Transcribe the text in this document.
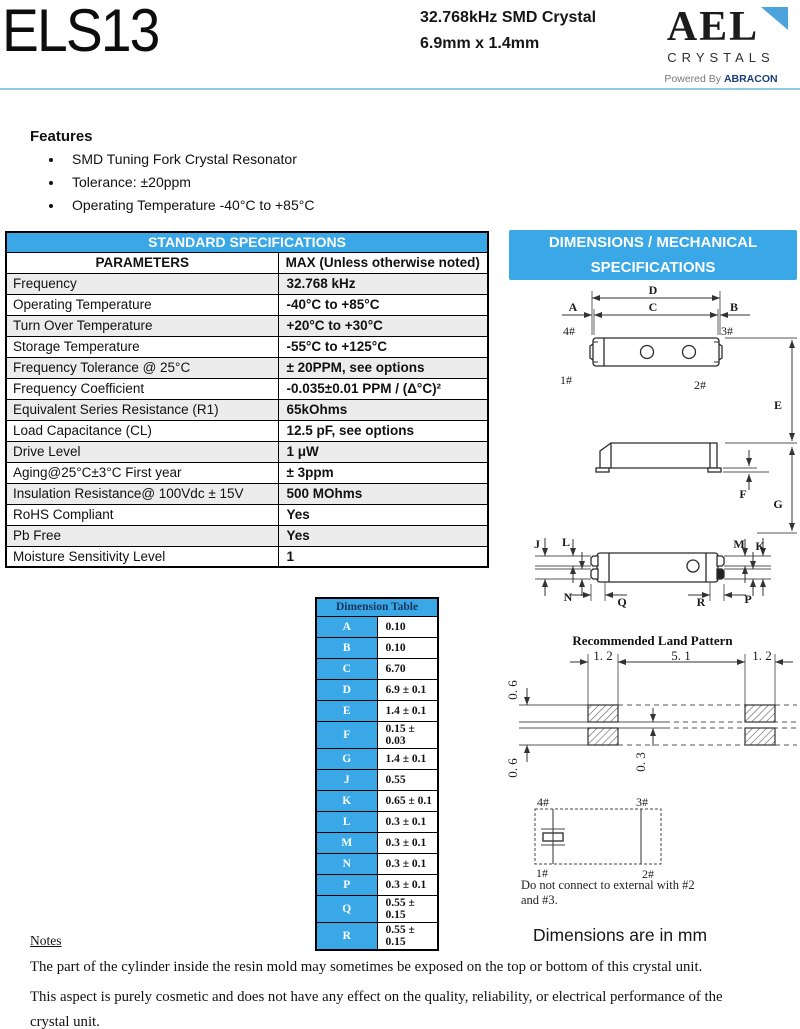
ELS13	32.768kHz SMD Crystal
6.9mm x 1.4mm	AEL
CRYSTALS
Powered By ABRACON
Features
• SMD Tuning Fork Crystal Resonator
• Tolerance: ±20ppm
• Operating Temperature -40°C to +85°C
STANDARD SPECIFICATIONS	
PARAMETERS	MAX (Unless otherwise noted)
Frequency	32.768 kHz
Operating Temperature	-40°C to +85°C
Turn Over Temperature	+20°C to +30°C
Storage Temperature	-55°C to +125°C
Frequency Tolerance @ 25°C	± 20PPM, see options
Frequency Coefficient	-0.035±0.01 PPM / (Δ°C)²
Equivalent Series Resistance (R1)	65kOhms
Load Capacitance (CL)	12.5 pF, see options
Drive Level	1 μW
Aging@25°C±3°C First year	± 3ppm
Insulation Resistance@ 100Vdc ± 15V	500 MOhms
RoHS Compliant	Yes
Pb Free	Yes
Moisture Sensitivity Level	1
DIMENSIONS / MECHANICAL
SPECIFICATIONS
D
C
A	B
E
F
G
J L
N
M K
P
Q	R
4#	3#
1#	2#
Recommended Land Pattern
1. 2	5. 1	1. 2
0. 6
0. 6	0. 3
4#	3#
1#	2#
Do not connect to external with #2 and #3.
Dimensions are in mm
Dimension Table	
A	0.10
B	0.10
C	6.70
D	6.9 ± 0.1
E	1.4 ± 0.1
F	0.15 ± 0.03
G	1.4 ± 0.1
J	0.55
K	0.65 ± 0.1
L	0.3 ± 0.1
M	0.3 ± 0.1
N	0.3 ± 0.1
P	0.3 ± 0.1
Q	0.55 ± 0.15
R	0.55 ± 0.15
Notes
The part of the cylinder inside the resin mold may sometimes be exposed on the top or bottom of this crystal unit.
This aspect is purely cosmetic and does not have any effect on the quality, reliability, or electrical performance of the crystal unit.
